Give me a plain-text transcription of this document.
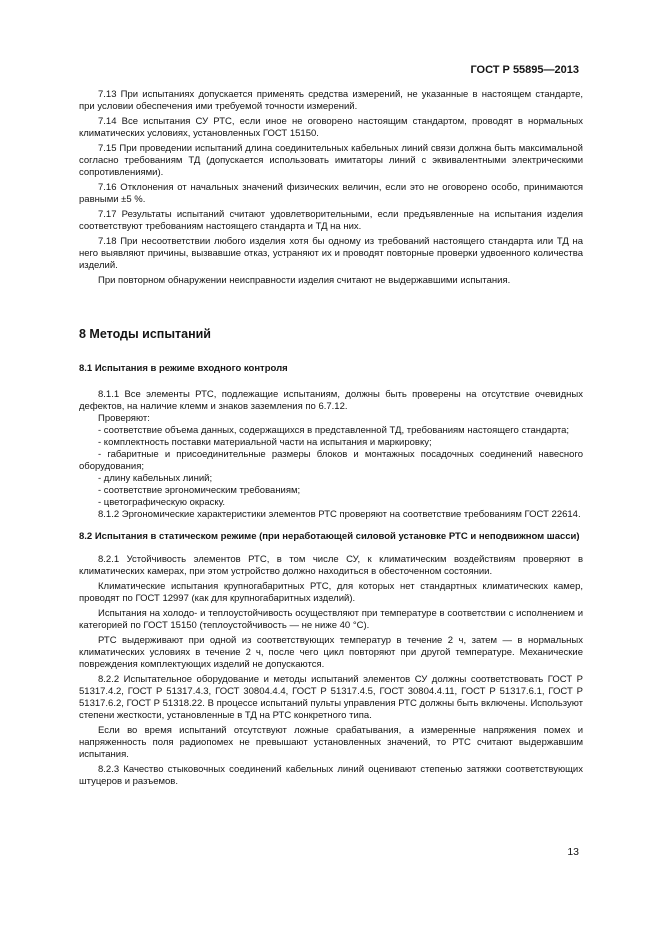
ГОСТ Р 55895—2013

7.13 При испытаниях допускается применять средства измерений, не указанные в настоящем стандарте, при условии обеспечения ими требуемой точности измерений.

7.14 Все испытания СУ РТС, если иное не оговорено настоящим стандартом, проводят в нормальных климатических условиях, установленных ГОСТ 15150.

7.15 При проведении испытаний длина соединительных кабельных линий связи должна быть максимальной согласно требованиям ТД (допускается использовать имитаторы линий с эквивалентными электрическими сопротивлениями).

7.16 Отклонения от начальных значений физических величин, если это не оговорено особо, принимаются равными ±5 %.

7.17 Результаты испытаний считают удовлетворительными, если предъявленные на испытания изделия соответствуют требованиям настоящего стандарта и ТД на них.

7.18 При несоответствии любого изделия хотя бы одному из требований настоящего стандарта или ТД на него выявляют причины, вызвавшие отказ, устраняют их и проводят повторные проверки удвоенного количества изделий.

При повторном обнаружении неисправности изделия считают не выдержавшими испытания.

8 Методы испытаний
8.1 Испытания в режиме входного контроля

8.1.1 Все элементы РТС, подлежащие испытаниям, должны быть проверены на отсутствие очевидных дефектов, на наличие клемм и знаков заземления по 6.7.12.

Проверяют:

- соответствие объема данных, содержащихся в представленной ТД, требованиям настоящего стандарта;

- комплектность поставки материальной части на испытания и маркировку;

- габаритные и присоединительные размеры блоков и монтажных посадочных соединений навесного оборудования;

- длину кабельных линий;

- соответствие эргономическим требованиям;

- цветографическую окраску.

8.1.2 Эргономические характеристики элементов РТС проверяют на соответствие требованиям ГОСТ 22614.

8.2 Испытания в статическом режиме (при неработающей силовой установке РТС и неподвижном шасси)

8.2.1 Устойчивость элементов РТС, в том числе СУ, к климатическим воздействиям проверяют в климатических камерах, при этом устройство должно находиться в обесточенном состоянии.

Климатические испытания крупногабаритных РТС, для которых нет стандартных климатических камер, проводят по ГОСТ 12997 (как для крупногабаритных изделий).

Испытания на холодо- и теплоустойчивость осуществляют при температуре в соответствии с исполнением и категорией по ГОСТ 15150 (теплоустойчивость — не ниже 40 °С).

РТС выдерживают при одной из соответствующих температур в течение 2 ч, затем — в нормальных климатических условиях в течение 2 ч, после чего цикл повторяют при другой температуре. Механические повреждения комплектующих изделий не допускаются.

8.2.2 Испытательное оборудование и методы испытаний элементов СУ должны соответствовать ГОСТ Р 51317.4.2, ГОСТ Р 51317.4.3, ГОСТ 30804.4.4, ГОСТ Р 51317.4.5, ГОСТ 30804.4.11, ГОСТ Р 51317.6.1, ГОСТ Р 51317.6.2, ГОСТ Р 51318.22. В процессе испытаний пульты управления РТС должны быть включены. Используют степени жесткости, установленные в ТД на РТС конкретного типа.

Если во время испытаний отсутствуют ложные срабатывания, а измеренные напряжения помех и напряженность поля радиопомех не превышают установленных значений, то РТС считают выдержавшим испытания.

8.2.3 Качество стыковочных соединений кабельных линий оценивают степенью затяжки соответствующих штуцеров и разъемов.

13
